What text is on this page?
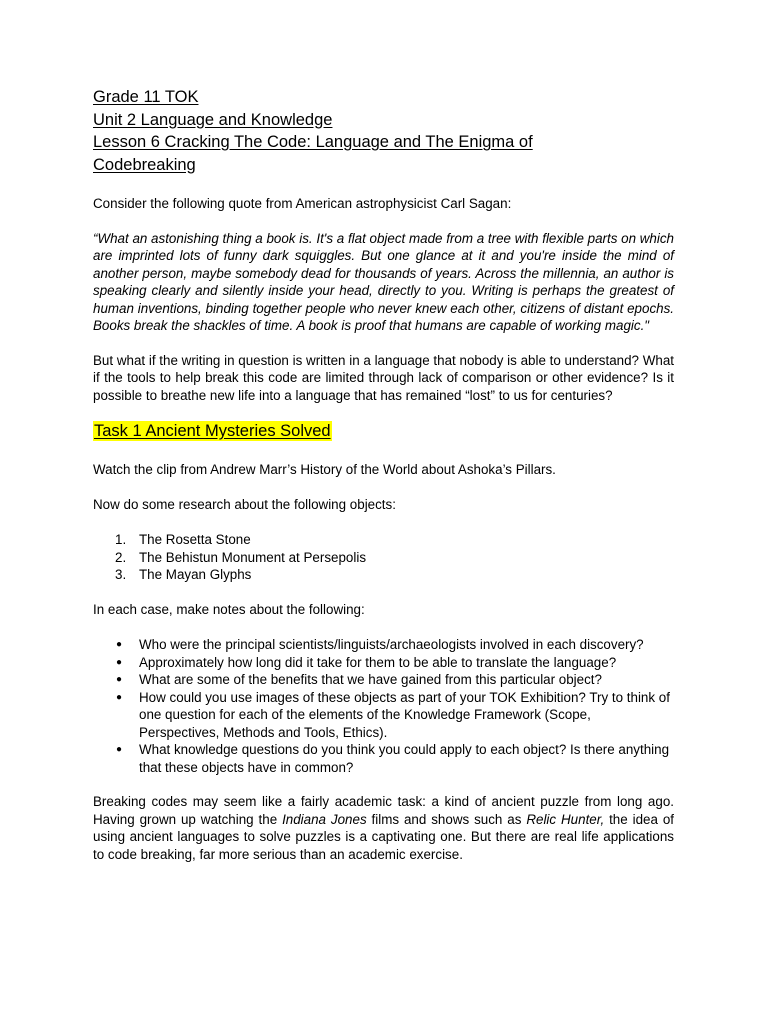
Grade 11 TOK
Unit 2 Language and Knowledge
Lesson 6 Cracking The Code: Language and The Enigma of Codebreaking
Consider the following quote from American astrophysicist Carl Sagan:
“What an astonishing thing a book is. It's a flat object made from a tree with flexible parts on which are imprinted lots of funny dark squiggles. But one glance at it and you're inside the mind of another person, maybe somebody dead for thousands of years. Across the millennia, an author is speaking clearly and silently inside your head, directly to you. Writing is perhaps the greatest of human inventions, binding together people who never knew each other, citizens of distant epochs. Books break the shackles of time. A book is proof that humans are capable of working magic."
But what if the writing in question is written in a language that nobody is able to understand? What if the tools to help break this code are limited through lack of comparison or other evidence? Is it possible to breathe new life into a language that has remained “lost” to us for centuries?
Task 1 Ancient Mysteries Solved
Watch the clip from Andrew Marr’s History of the World about Ashoka’s Pillars.
Now do some research about the following objects:
1. The Rosetta Stone
2. The Behistun Monument at Persepolis
3. The Mayan Glyphs
In each case, make notes about the following:
● Who were the principal scientists/linguists/archaeologists involved in each discovery?
● Approximately how long did it take for them to be able to translate the language?
● What are some of the benefits that we have gained from this particular object?
● How could you use images of these objects as part of your TOK Exhibition? Try to think of one question for each of the elements of the Knowledge Framework (Scope, Perspectives, Methods and Tools, Ethics).
● What knowledge questions do you think you could apply to each object? Is there anything that these objects have in common?
Breaking codes may seem like a fairly academic task: a kind of ancient puzzle from long ago. Having grown up watching the Indiana Jones films and shows such as Relic Hunter, the idea of using ancient languages to solve puzzles is a captivating one. But there are real life applications to code breaking, far more serious than an academic exercise.
